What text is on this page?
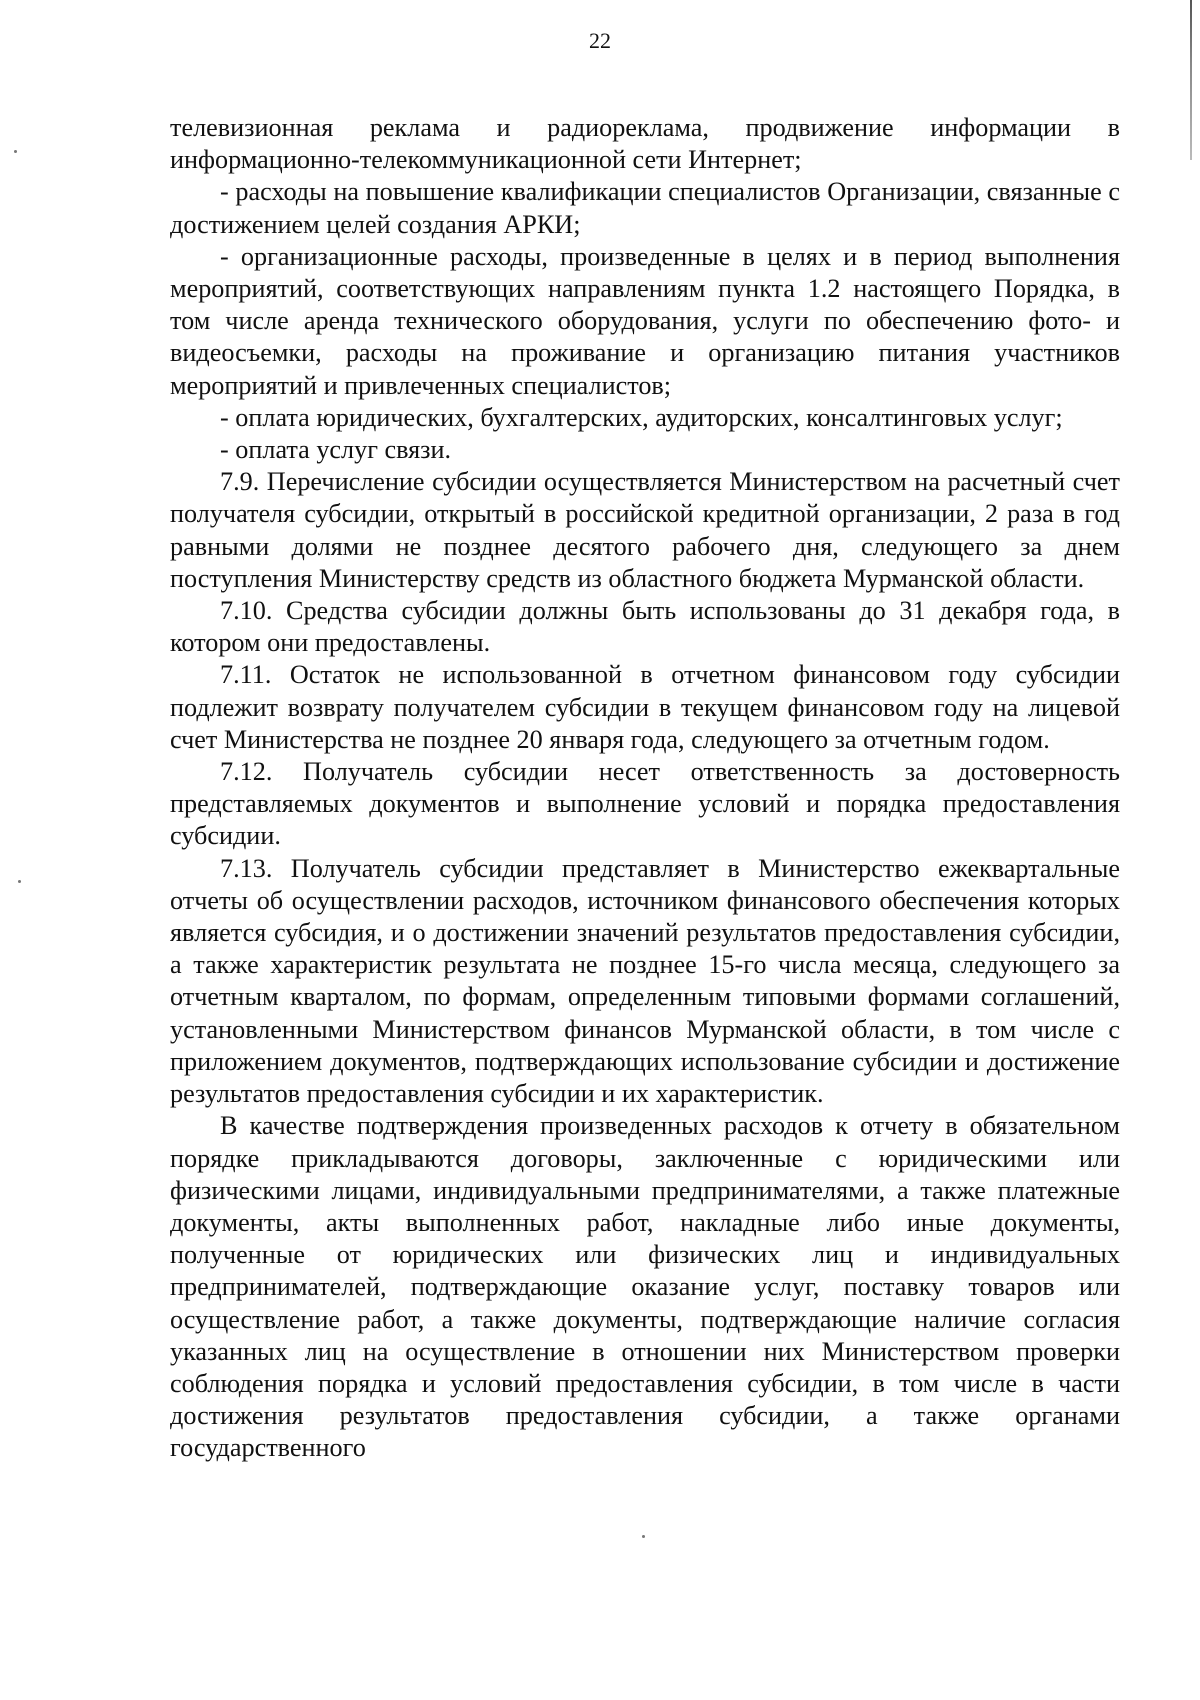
22

телевизионная реклама и радиореклама, продвижение информации в информационно-телекоммуникационной сети Интернет;

- расходы на повышение квалификации специалистов Организации, связанные с достижением целей создания АРКИ;

- организационные расходы, произведенные в целях и в период выполнения мероприятий, соответствующих направлениям пункта 1.2 настоящего Порядка, в том числе аренда технического оборудования, услуги по обеспечению фото- и видеосъемки, расходы на проживание и организацию питания участников мероприятий и привлеченных специалистов;

- оплата юридических, бухгалтерских, аудиторских, консалтинговых услуг;

- оплата услуг связи.

7.9. Перечисление субсидии осуществляется Министерством на расчетный счет получателя субсидии, открытый в российской кредитной организации, 2 раза в год равными долями не позднее десятого рабочего дня, следующего за днем поступления Министерству средств из областного бюджета Мурманской области.

7.10. Средства субсидии должны быть использованы до 31 декабря года, в котором они предоставлены.

7.11. Остаток не использованной в отчетном финансовом году субсидии подлежит возврату получателем субсидии в текущем финансовом году на лицевой счет Министерства не позднее 20 января года, следующего за отчетным годом.

7.12. Получатель субсидии несет ответственность за достоверность представляемых документов и выполнение условий и порядка предоставления субсидии.

7.13. Получатель субсидии представляет в Министерство ежеквартальные отчеты об осуществлении расходов, источником финансового обеспечения которых является субсидия, и о достижении значений результатов предоставления субсидии, а также характеристик результата не позднее 15-го числа месяца, следующего за отчетным кварталом, по формам, определенным типовыми формами соглашений, установленными Министерством финансов Мурманской области, в том числе с приложением документов, подтверждающих использование субсидии и достижение результатов предоставления субсидии и их характеристик.

В качестве подтверждения произведенных расходов к отчету в обязательном порядке прикладываются договоры, заключенные с юридическими или физическими лицами, индивидуальными предпринимателями, а также платежные документы, акты выполненных работ, накладные либо иные документы, полученные от юридических или физических лиц и индивидуальных предпринимателей, подтверждающие оказание услуг, поставку товаров или осуществление работ, а также документы, подтверждающие наличие согласия указанных лиц на осуществление в отношении них Министерством проверки соблюдения порядка и условий предоставления субсидии, в том числе в части достижения результатов предоставления субсидии, а также органами государственного
